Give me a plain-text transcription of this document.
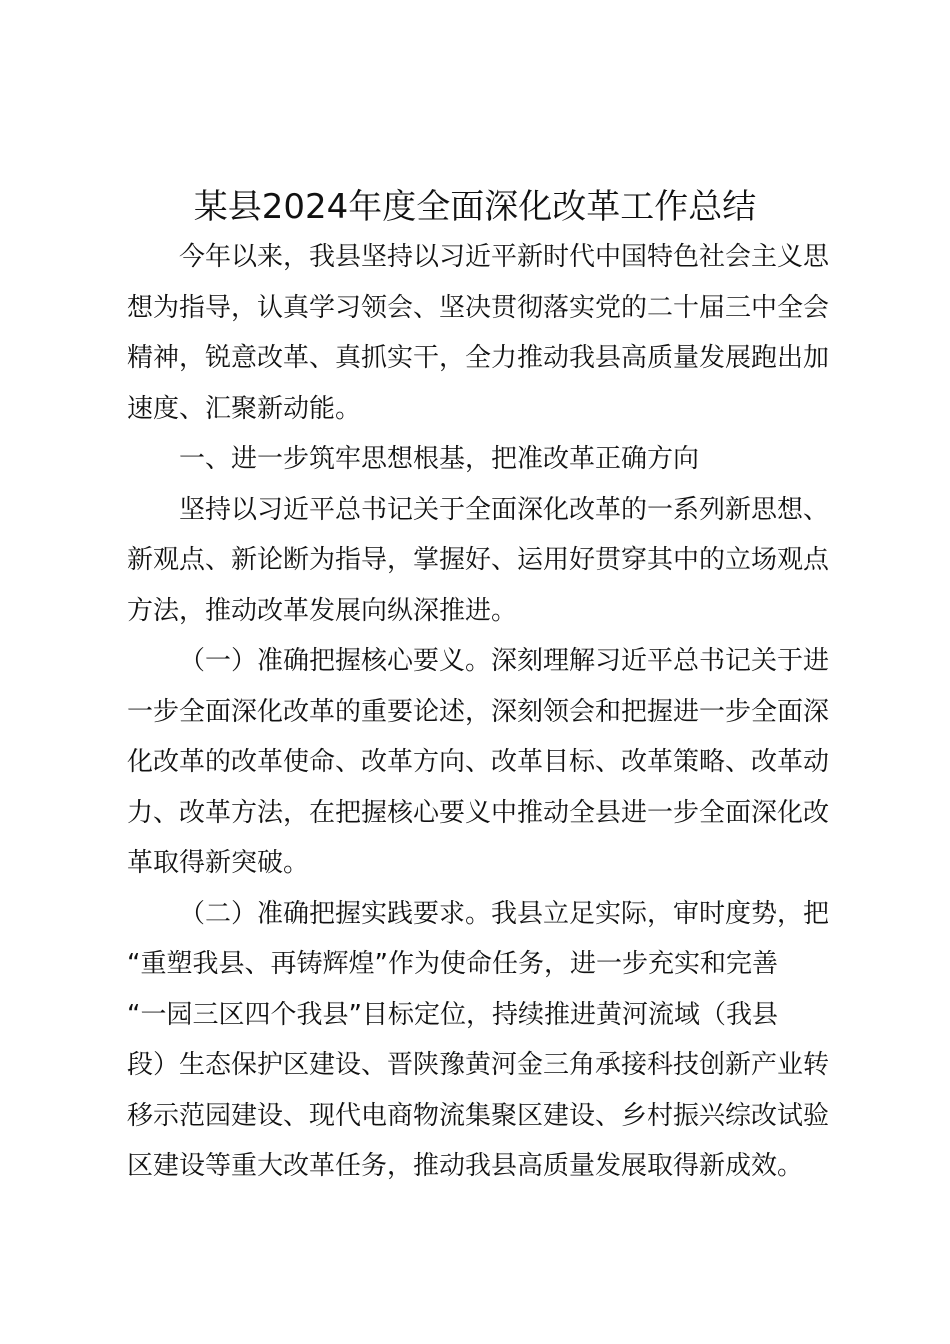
某县2024年度全面深化改革工作总结

今年以来，我县坚持以习近平新时代中国特色社会主义思
想为指导，认真学习领会、坚决贯彻落实党的二十届三中全会
精神，锐意改革、真抓实干，全力推动我县高质量发展跑出加
速度、汇聚新动能。

一、进一步筑牢思想根基，把准改革正确方向

坚持以习近平总书记关于全面深化改革的一系列新思想、
新观点、新论断为指导，掌握好、运用好贯穿其中的立场观点
方法，推动改革发展向纵深推进。

（一）准确把握核心要义。深刻理解习近平总书记关于进
一步全面深化改革的重要论述，深刻领会和把握进一步全面深
化改革的改革使命、改革方向、改革目标、改革策略、改革动
力、改革方法，在把握核心要义中推动全县进一步全面深化改
革取得新突破。

（二）准确把握实践要求。我县立足实际，审时度势，把
“重塑我县、再铸辉煌”作为使命任务，进一步充实和完善
“一园三区四个我县”目标定位，持续推进黄河流域（我县
段）生态保护区建设、晋陕豫黄河金三角承接科技创新产业转
移示范园建设、现代电商物流集聚区建设、乡村振兴综改试验
区建设等重大改革任务，推动我县高质量发展取得新成效。
